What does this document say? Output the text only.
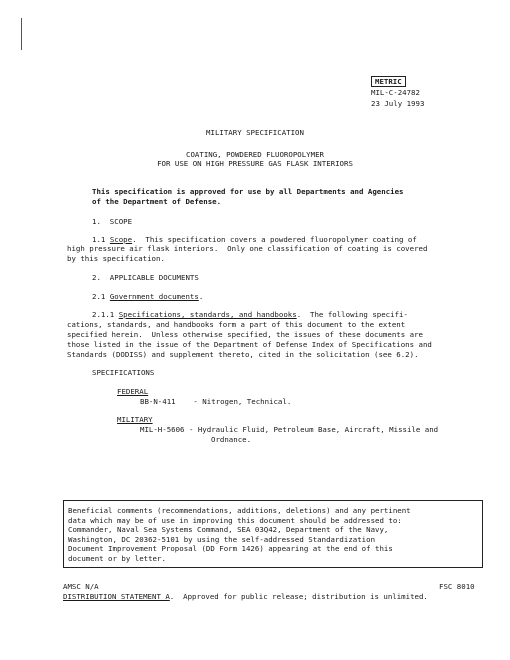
METRIC
MIL-C-24782
23 July 1993
MILITARY SPECIFICATION
COATING, POWDERED FLUOROPOLYMER
FOR USE ON HIGH PRESSURE GAS FLASK INTERIORS
This specification is approved for use by all Departments and Agencies
of the Department of Defense.
1.  SCOPE
1.1 Scope.  This specification covers a powdered fluoropolymer coating of
high pressure air flask interiors.  Only one classification of coating is covered
by this specification.
2.  APPLICABLE DOCUMENTS
2.1 Government documents.
2.1.1 Specifications, standards, and handbooks.  The following specifi-
cations, standards, and handbooks form a part of this document to the extent
specified herein.  Unless otherwise specified, the issues of these documents are
those listed in the issue of the Department of Defense Index of Specifications and
Standards (DODISS) and supplement thereto, cited in the solicitation (see 6.2).
SPECIFICATIONS
FEDERAL
BB-N-411    - Nitrogen, Technical.
MILITARY
MIL-H-5606 - Hydraulic Fluid, Petroleum Base, Aircraft, Missile and
Ordnance.
Beneficial comments (recommendations, additions, deletions) and any pertinent
data which may be of use in improving this document should be addressed to:
Commander, Naval Sea Systems Command, SEA 03Q42, Department of the Navy,
Washington, DC 20362-5101 by using the self-addressed Standardization
Document Improvement Proposal (DD Form 1426) appearing at the end of this
document or by letter.
AMSC N/A	FSC 8010
DISTRIBUTION STATEMENT A.  Approved for public release; distribution is unlimited.
